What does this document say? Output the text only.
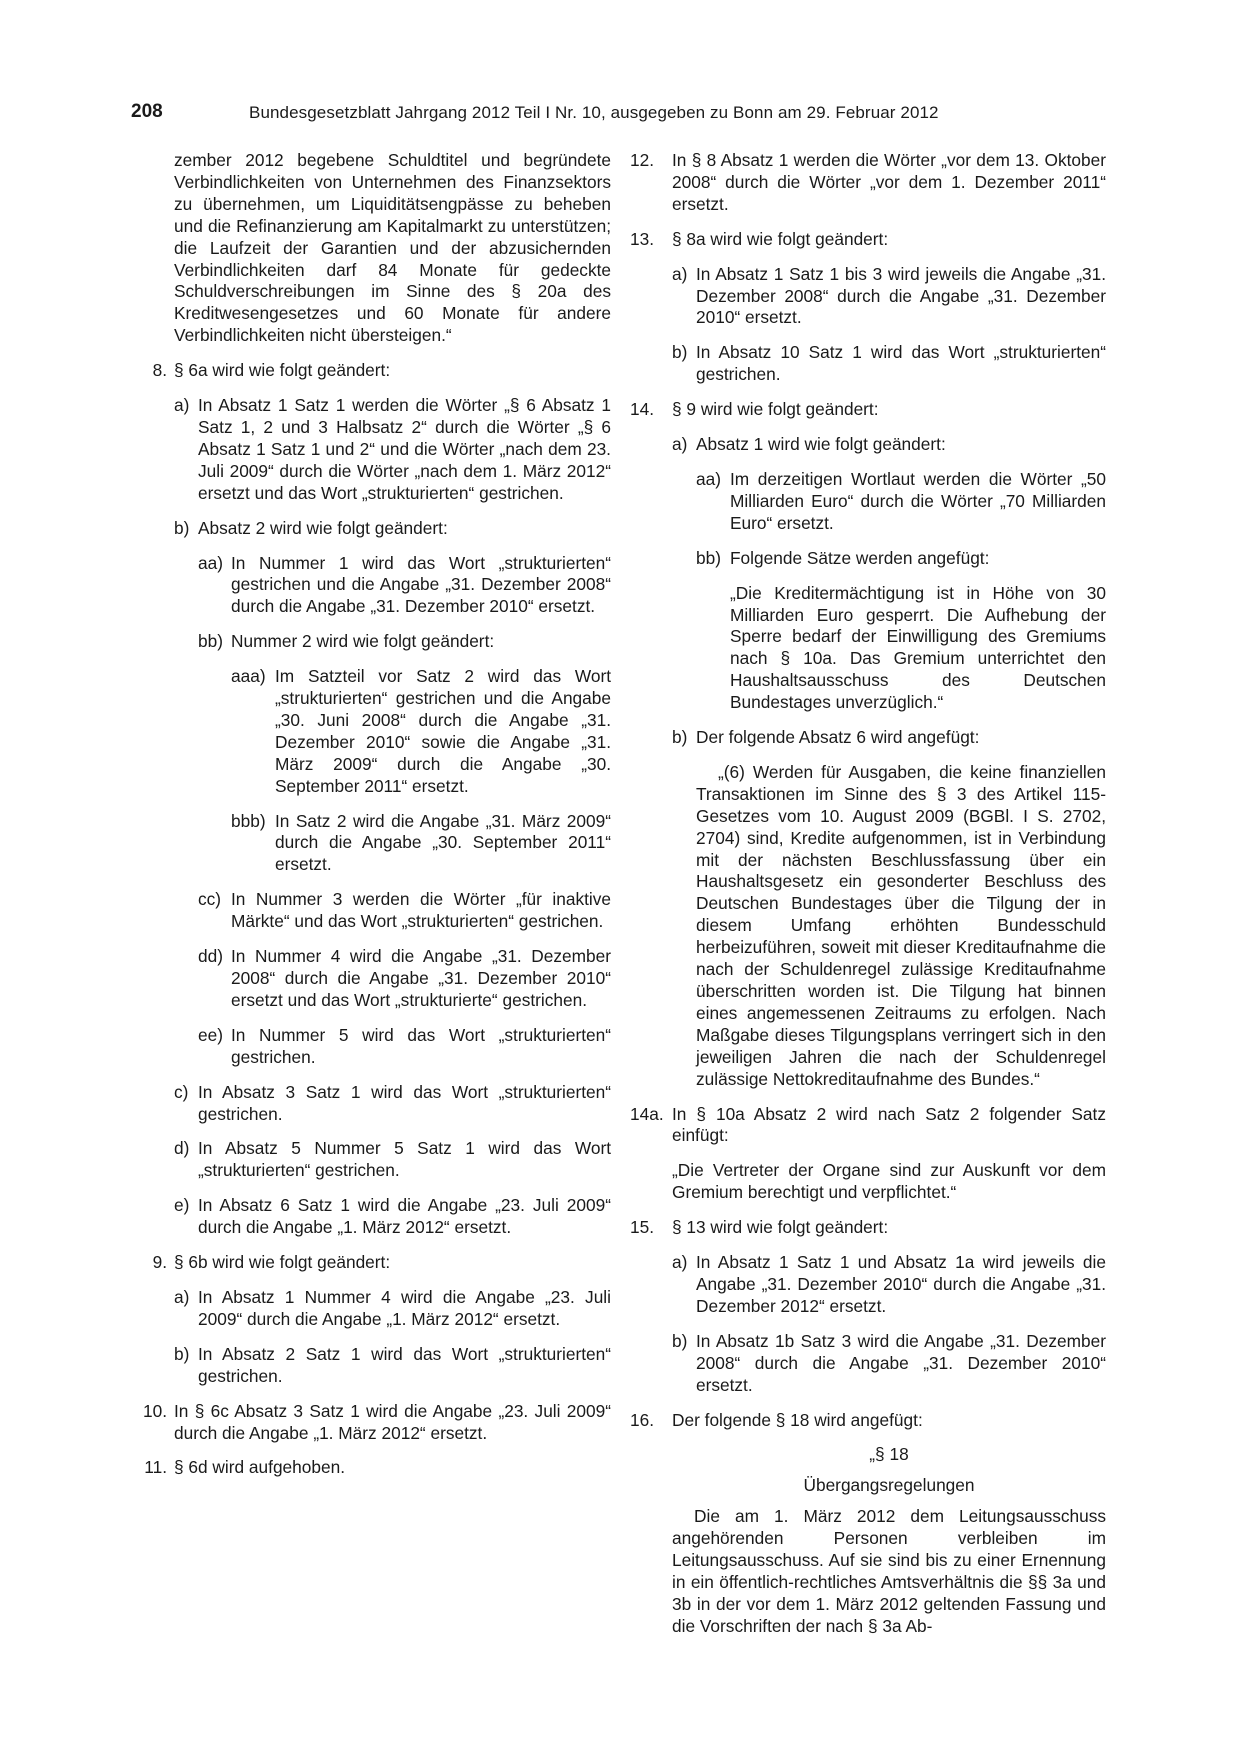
208	Bundesgesetzblatt Jahrgang 2012 Teil I Nr. 10, ausgegeben zu Bonn am 29. Februar 2012

zember 2012 begebene Schuldtitel und begründete Verbindlichkeiten von Unternehmen des Finanzsektors zu übernehmen, um Liquiditätsengpässe zu beheben und die Refinanzierung am Kapitalmarkt zu unterstützen; die Laufzeit der Garantien und der abzusichernden Verbindlichkeiten darf 84 Monate für gedeckte Schuldverschreibungen im Sinne des § 20a des Kreditwesengesetzes und 60 Monate für andere Verbindlichkeiten nicht übersteigen.“

8. § 6a wird wie folgt geändert:

a) In Absatz 1 Satz 1 werden die Wörter „§ 6 Absatz 1 Satz 1, 2 und 3 Halbsatz 2“ durch die Wörter „§ 6 Absatz 1 Satz 1 und 2“ und die Wörter „nach dem 23. Juli 2009“ durch die Wörter „nach dem 1. März 2012“ ersetzt und das Wort „strukturierten“ gestrichen.

b) Absatz 2 wird wie folgt geändert:

aa) In Nummer 1 wird das Wort „strukturierten“ gestrichen und die Angabe „31. Dezember 2008“ durch die Angabe „31. Dezember 2010“ ersetzt.

bb) Nummer 2 wird wie folgt geändert:

aaa) Im Satzteil vor Satz 2 wird das Wort „strukturierten“ gestrichen und die Angabe „30. Juni 2008“ durch die Angabe „31. Dezember 2010“ sowie die Angabe „31. März 2009“ durch die Angabe „30. September 2011“ ersetzt.

bbb) In Satz 2 wird die Angabe „31. März 2009“ durch die Angabe „30. September 2011“ ersetzt.

cc) In Nummer 3 werden die Wörter „für inaktive Märkte“ und das Wort „strukturierten“ gestrichen.

dd) In Nummer 4 wird die Angabe „31. Dezember 2008“ durch die Angabe „31. Dezember 2010“ ersetzt und das Wort „strukturierte“ gestrichen.

ee) In Nummer 5 wird das Wort „strukturierten“ gestrichen.

c) In Absatz 3 Satz 1 wird das Wort „strukturierten“ gestrichen.

d) In Absatz 5 Nummer 5 Satz 1 wird das Wort „strukturierten“ gestrichen.

e) In Absatz 6 Satz 1 wird die Angabe „23. Juli 2009“ durch die Angabe „1. März 2012“ ersetzt.

9. § 6b wird wie folgt geändert:

a) In Absatz 1 Nummer 4 wird die Angabe „23. Juli 2009“ durch die Angabe „1. März 2012“ ersetzt.

b) In Absatz 2 Satz 1 wird das Wort „strukturierten“ gestrichen.

10. In § 6c Absatz 3 Satz 1 wird die Angabe „23. Juli 2009“ durch die Angabe „1. März 2012“ ersetzt.

11. § 6d wird aufgehoben.

12. In § 8 Absatz 1 werden die Wörter „vor dem 13. Oktober 2008“ durch die Wörter „vor dem 1. Dezember 2011“ ersetzt.

13. § 8a wird wie folgt geändert:

a) In Absatz 1 Satz 1 bis 3 wird jeweils die Angabe „31. Dezember 2008“ durch die Angabe „31. Dezember 2010“ ersetzt.

b) In Absatz 10 Satz 1 wird das Wort „strukturierten“ gestrichen.

14. § 9 wird wie folgt geändert:

a) Absatz 1 wird wie folgt geändert:

aa) Im derzeitigen Wortlaut werden die Wörter „50 Milliarden Euro“ durch die Wörter „70 Milliarden Euro“ ersetzt.

bb) Folgende Sätze werden angefügt:

„Die Kreditermächtigung ist in Höhe von 30 Milliarden Euro gesperrt. Die Aufhebung der Sperre bedarf der Einwilligung des Gremiums nach § 10a. Das Gremium unterrichtet den Haushaltsausschuss des Deutschen Bundestages unverzüglich.“

b) Der folgende Absatz 6 wird angefügt:

„(6) Werden für Ausgaben, die keine finanziellen Transaktionen im Sinne des § 3 des Artikel 115-Gesetzes vom 10. August 2009 (BGBl. I S. 2702, 2704) sind, Kredite aufgenommen, ist in Verbindung mit der nächsten Beschlussfassung über ein Haushaltsgesetz ein gesonderter Beschluss des Deutschen Bundestages über die Tilgung der in diesem Umfang erhöhten Bundesschuld herbeizuführen, soweit mit dieser Kreditaufnahme die nach der Schuldenregel zulässige Kreditaufnahme überschritten worden ist. Die Tilgung hat binnen eines angemessenen Zeitraums zu erfolgen. Nach Maßgabe dieses Tilgungsplans verringert sich in den jeweiligen Jahren die nach der Schuldenregel zulässige Nettokreditaufnahme des Bundes.“

14a. In § 10a Absatz 2 wird nach Satz 2 folgender Satz einfügt:

„Die Vertreter der Organe sind zur Auskunft vor dem Gremium berechtigt und verpflichtet.“

15. § 13 wird wie folgt geändert:

a) In Absatz 1 Satz 1 und Absatz 1a wird jeweils die Angabe „31. Dezember 2010“ durch die Angabe „31. Dezember 2012“ ersetzt.

b) In Absatz 1b Satz 3 wird die Angabe „31. Dezember 2008“ durch die Angabe „31. Dezember 2010“ ersetzt.

16. Der folgende § 18 wird angefügt:

„§ 18

Übergangsregelungen

Die am 1. März 2012 dem Leitungsausschuss angehörenden Personen verbleiben im Leitungsausschuss. Auf sie sind bis zu einer Ernennung in ein öffentlich-rechtliches Amtsverhältnis die §§ 3a und 3b in der vor dem 1. März 2012 geltenden Fassung und die Vorschriften der nach § 3a Ab-
